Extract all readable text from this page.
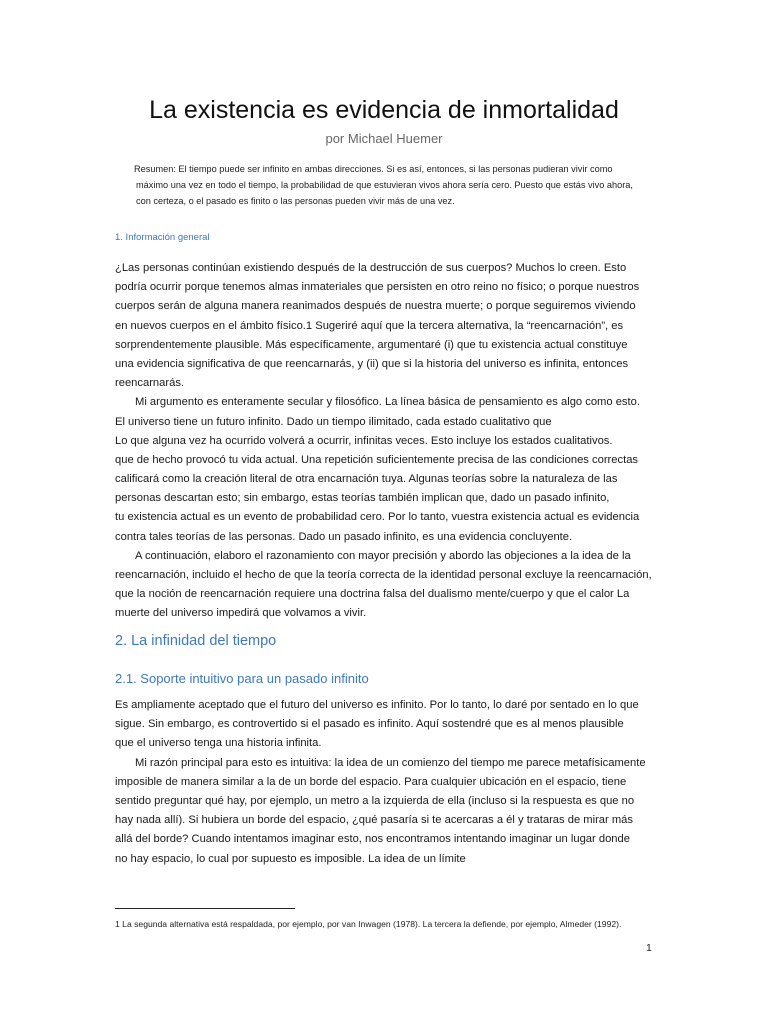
La existencia es evidencia de inmortalidad
por Michael Huemer
Resumen: El tiempo puede ser infinito en ambas direcciones. Si es así, entonces, si las personas pudieran vivir como
máximo una vez en todo el tiempo, la probabilidad de que estuvieran vivos ahora sería cero. Puesto que estás vivo ahora,
con certeza, o el pasado es finito o las personas pueden vivir más de una vez.
1. Información general
¿Las personas continúan existiendo después de la destrucción de sus cuerpos? Muchos lo creen. Esto
podría ocurrir porque tenemos almas inmateriales que persisten en otro reino no físico; o porque nuestros
cuerpos serán de alguna manera reanimados después de nuestra muerte; o porque seguiremos viviendo
en nuevos cuerpos en el ámbito físico.1 Sugeriré aquí que la tercera alternativa, la “reencarnación”, es
sorprendentemente plausible. Más específicamente, argumentaré (i) que tu existencia actual constituye
una evidencia significativa de que reencarnarás, y (ii) que si la historia del universo es infinita, entonces
reencarnarás.
Mi argumento es enteramente secular y filosófico. La línea básica de pensamiento es algo como esto.
El universo tiene un futuro infinito. Dado un tiempo ilimitado, cada estado cualitativo que
Lo que alguna vez ha ocurrido volverá a ocurrir, infinitas veces. Esto incluye los estados cualitativos.
que de hecho provocó tu vida actual. Una repetición suficientemente precisa de las condiciones correctas
calificará como la creación literal de otra encarnación tuya. Algunas teorías sobre la naturaleza de las
personas descartan esto; sin embargo, estas teorías también implican que, dado un pasado infinito,
tu existencia actual es un evento de probabilidad cero. Por lo tanto, vuestra existencia actual es evidencia
contra tales teorías de las personas. Dado un pasado infinito, es una evidencia concluyente.
A continuación, elaboro el razonamiento con mayor precisión y abordo las objeciones a la idea de la
reencarnación, incluido el hecho de que la teoría correcta de la identidad personal excluye la reencarnación,
que la noción de reencarnación requiere una doctrina falsa del dualismo mente/cuerpo y que el calor La
muerte del universo impedirá que volvamos a vivir.
2. La infinidad del tiempo
2.1. Soporte intuitivo para un pasado infinito
Es ampliamente aceptado que el futuro del universo es infinito. Por lo tanto, lo daré por sentado en lo que
sigue. Sin embargo, es controvertido si el pasado es infinito. Aquí sostendré que es al menos plausible
que el universo tenga una historia infinita.
Mi razón principal para esto es intuitiva: la idea de un comienzo del tiempo me parece metafísicamente
imposible de manera similar a la de un borde del espacio. Para cualquier ubicación en el espacio, tiene
sentido preguntar qué hay, por ejemplo, un metro a la izquierda de ella (incluso si la respuesta es que no
hay nada allí). Si hubiera un borde del espacio, ¿qué pasaría si te acercaras a él y trataras de mirar más
allá del borde? Cuando intentamos imaginar esto, nos encontramos intentando imaginar un lugar donde
no hay espacio, lo cual por supuesto es imposible. La idea de un límite
1 La segunda alternativa está respaldada, por ejemplo, por van Inwagen (1978). La tercera la defiende, por ejemplo, Almeder (1992).
1
